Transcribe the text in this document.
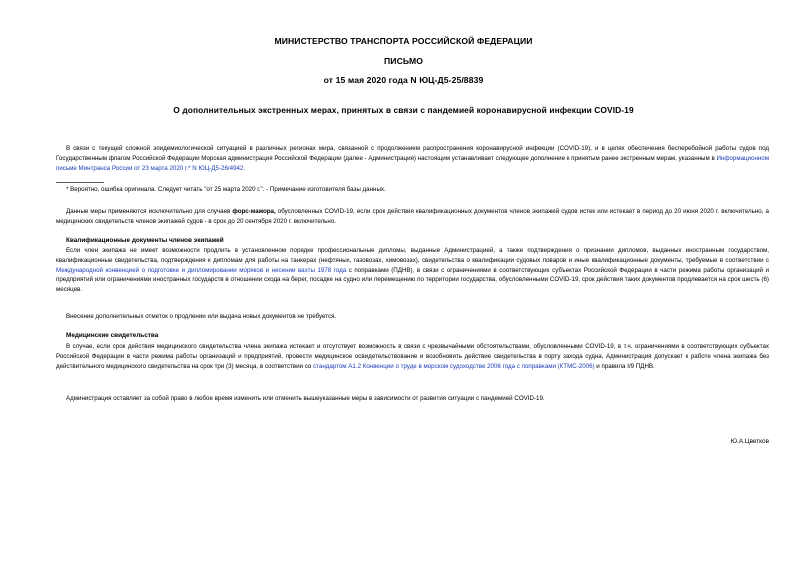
МИНИСТЕРСТВО ТРАНСПОРТА РОССИЙСКОЙ ФЕДЕРАЦИИ
ПИСЬМО
от 15 мая 2020 года N ЮЦ-Д5-25/8839
О дополнительных экстренных мерах, принятых в связи с пандемией коронавирусной инфекции COVID-19
В связи с текущей сложной эпидемиологической ситуацией в различных регионах мира, связанной с продолжением распространения коронавирусной инфекции (COVID-19), и в целях обеспечения бесперебойной работы судов под Государственным флагом Российской Федерации Морская администрация Российской Федерации (далее - Администрация) настоящим устанавливает следующее дополнение к принятым ранее экстренным мерам, указанным в Информационном письме Минтранса России от 23 марта 2020 г.* N ЮЦ-Д5-26/4942.
* Вероятно, ошибка оригинала. Следует читать "от 25 марта 2020 г.". - Примечание изготовителя базы данных.
Данные меры применяются исключительно для случаев форс-мажора, обусловленных COVID-19, если срок действия квалификационных документов членов экипажей судов истек или истекает в период до 20 июня 2020 г. включительно, а медицинских свидетельств членов экипажей судов - в срок до 20 сентября 2020 г. включительно.
Квалификационные документы членов экипажей
Если член экипажа не имеет возможности продлить в установленном порядке профессиональные дипломы, выданные Администрацией, а также подтверждения о признании дипломов, выданных иностранным государством, квалификационные свидетельства, подтверждения к дипломам для работы на танкерах (нефтяных, газовозах, химовозах), свидетельства о квалификации судовых поваров и иные квалификационные документы, требуемые в соответствии с Международной конвенцией о подготовке и дипломировании моряков и несении вахты 1978 года с поправками (ПДНВ), в связи с ограничениями в соответствующих субъектах Российской Федерации в части режима работы организаций и предприятий или ограничениями иностранных государств в отношении схода на берег, посадке на судно или перемещению по территории государства, обусловленными COVID-19, срок действия таких документов продлевается на срок шесть (6) месяцев.
Внесение дополнительных отметок о продлении или выдача новых документов не требуется.
Медицинские свидетельства
В случае, если срок действия медицинского свидетельства члена экипажа истекает и отсутствует возможность в связи с чрезвычайными обстоятельствами, обусловленными COVID-19, в т.ч. ограничениями в соответствующих субъектах Российской Федерации в части режима работы организаций и предприятий, провести медицинское освидетельствование и возобновить действие свидетельства в порту захода судна, Администрация допускает к работе члена экипажа без действительного медицинского свидетельства на срок три (3) месяца, в соответствии со стандартом А1.2 Конвенции о труде в морском судоходстве 2006 года с поправками (КТМС-2006) и правила I/9 ПДНВ.
Администрация оставляет за собой право в любое время изменить или отменить вышеуказанные меры в зависимости от развития ситуации с пандемией COVID-19.
Ю.А.Цветков
